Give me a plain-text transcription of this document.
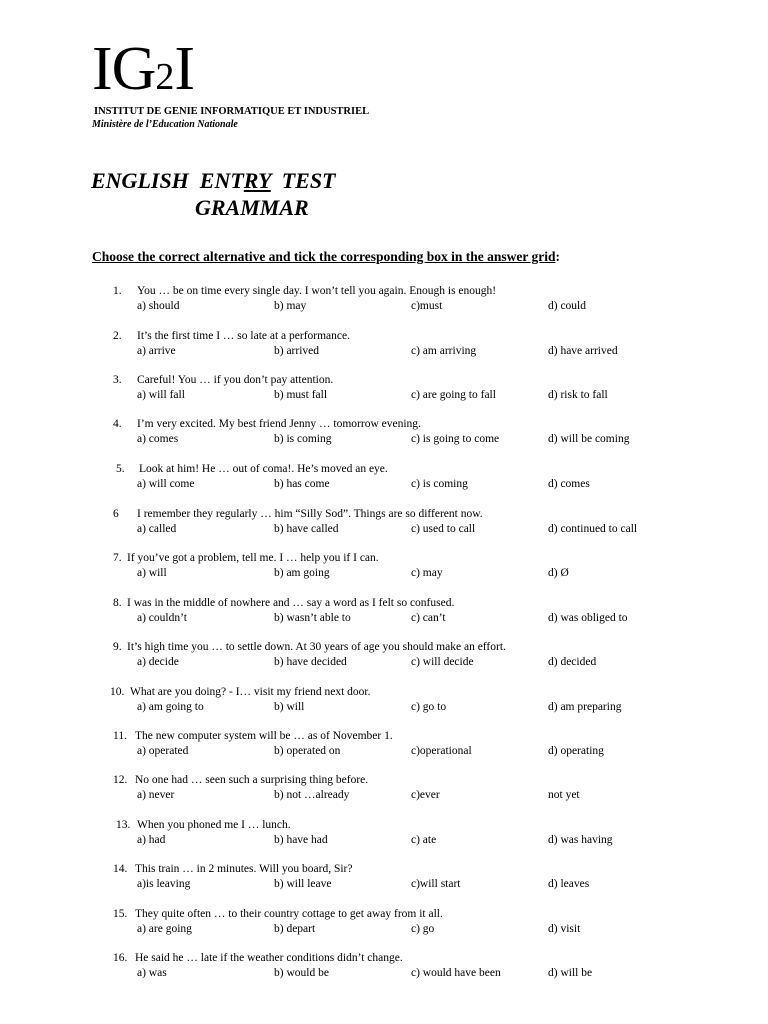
IG2I
INSTITUT DE GENIE INFORMATIQUE ET INDUSTRIEL
Ministère de l’Education Nationale
ENGLISH  ENTRY  TEST
GRAMMAR
Choose the correct alternative and tick the corresponding box in the answer grid:
1. You … be on time every single day. I won’t tell you again. Enough is enough!
a) should	b) may	c)must	d) could
2. It’s the first time I … so late at a performance.
a) arrive	b) arrived	c) am arriving	d) have arrived
3. Careful! You … if you don’t pay attention.
a) will fall	b) must fall	c) are going to fall	d) risk to fall
4. I’m very excited. My best friend Jenny … tomorrow evening.
a) comes	b) is coming	c) is going to come	d) will be coming
5. Look at him! He … out of coma!. He’s moved an eye.
a) will come	b) has come	c) is coming	d) comes
6 I remember they regularly … him “Silly Sod”. Things are so different now.
a) called	b) have called	c) used to call	d) continued to call
7. If you’ve got a problem, tell me. I … help you if I can.
a) will	b) am going	c) may	d) Ø
8. I was in the middle of nowhere and … say a word as I felt so confused.
a) couldn’t	b) wasn’t able to	c) can’t	d) was obliged to
9. It’s high time you … to settle down. At 30 years of age you should make an effort.
a) decide	b) have decided	c) will decide	d) decided
10. What are you doing? - I… visit my friend next door.
a) am going to	b) will	c) go to	d) am preparing
11. The new computer system will be … as of November 1.
a) operated	b) operated on	c)operational	d) operating
12. No one had … seen such a surprising thing before.
a) never	b) not …already	c)ever	not yet
13. When you phoned me I … lunch.
a) had	b) have had	c) ate	d) was having
14. This train … in 2 minutes. Will you board, Sir?
a)is leaving	b) will leave	c)will start	d) leaves
15. They quite often … to their country cottage to get away from it all.
a) are going	b) depart	c) go	d) visit
16. He said he … late if the weather conditions didn’t change.
a) was	b) would be	c) would have been	d) will be
